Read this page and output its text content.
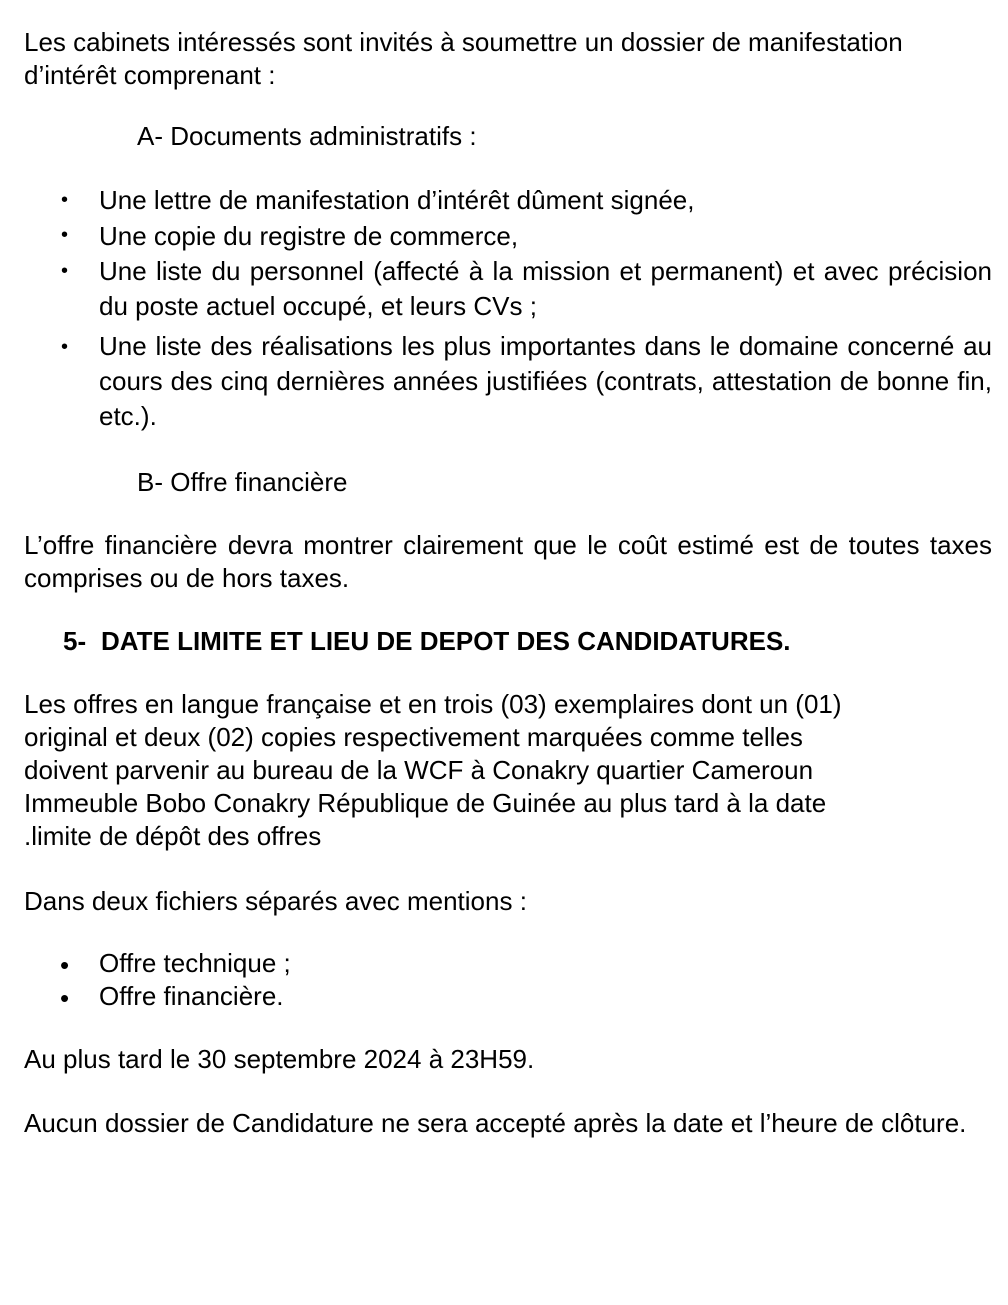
Les cabinets intéressés sont invités à soumettre un dossier de manifestation d’intérêt comprenant :

A- Documents administratifs :

• Une lettre de manifestation d’intérêt dûment signée,

• Une copie du registre de commerce,

• Une liste du personnel (affecté à la mission et permanent) et avec précision du poste actuel occupé, et leurs CVs ;

• Une liste des réalisations les plus importantes dans le domaine concerné au cours des cinq dernières années justifiées (contrats, attestation de bonne fin, etc.).

B- Offre financière

L’offre financière devra montrer clairement que le coût estimé est de toutes taxes comprises ou de hors taxes.

5- DATE LIMITE ET LIEU DE DEPOT DES CANDIDATURES.
Les offres en langue française et en trois (03) exemplaires dont un (01)
original et deux (02) copies respectivement marquées comme telles
doivent parvenir au bureau de la WCF à Conakry quartier Cameroun
Immeuble Bobo Conakry République de Guinée au plus tard à la date
.limite de dépôt des offres

Dans deux fichiers séparés avec mentions :

• Offre technique ;

• Offre financière.

Au plus tard le 30 septembre 2024 à 23H59.

Aucun dossier de Candidature ne sera accepté après la date et l’heure de clôture.
